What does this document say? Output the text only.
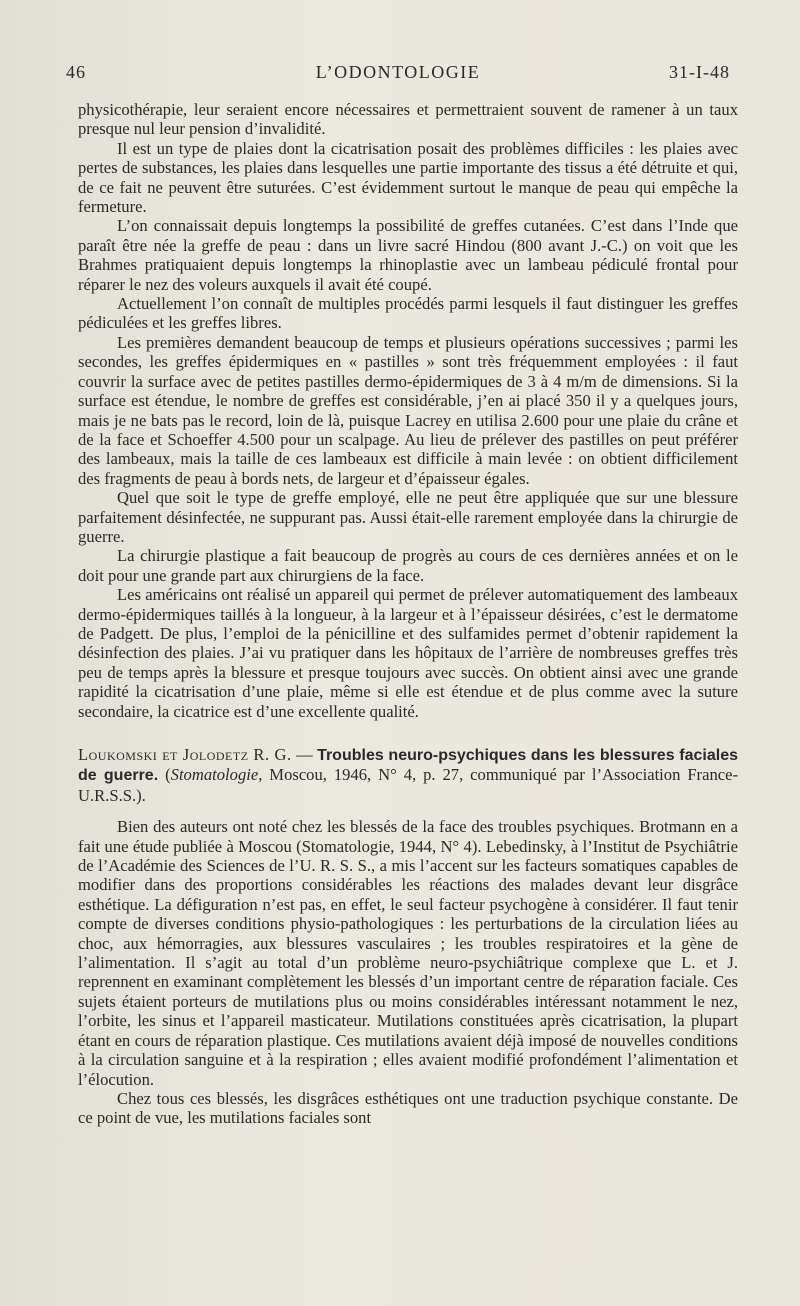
46	L’ODONTOLOGIE	31-I-48

physicothérapie, leur seraient encore nécessaires et permettraient souvent de ramener à un taux presque nul leur pension d’invalidité.

Il est un type de plaies dont la cicatrisation posait des problèmes difficiles : les plaies avec pertes de substances, les plaies dans lesquelles une partie importante des tissus a été détruite et qui, de ce fait ne peuvent être suturées. C’est évidemment surtout le manque de peau qui empêche la fermeture.

L’on connaissait depuis longtemps la possibilité de greffes cutanées. C’est dans l’Inde que paraît être née la greffe de peau : dans un livre sacré Hindou (800 avant J.-C.) on voit que les Brahmes pratiquaient depuis longtemps la rhinoplastie avec un lambeau pédiculé frontal pour réparer le nez des voleurs auxquels il avait été coupé.

Actuellement l’on connaît de multiples procédés parmi lesquels il faut distinguer les greffes pédiculées et les greffes libres.

Les premières demandent beaucoup de temps et plusieurs opérations successives ; parmi les secondes, les greffes épidermiques en « pastilles » sont très fréquemment employées : il faut couvrir la surface avec de petites pastilles dermo-épidermiques de 3 à 4 m/m de dimensions. Si la surface est étendue, le nombre de greffes est considérable, j’en ai placé 350 il y a quelques jours, mais je ne bats pas le record, loin de là, puisque Lacrey en utilisa 2.600 pour une plaie du crâne et de la face et Schoeffer 4.500 pour un scalpage. Au lieu de prélever des pastilles on peut préférer des lambeaux, mais la taille de ces lambeaux est difficile à main levée : on obtient difficilement des fragments de peau à bords nets, de largeur et d’épaisseur égales.

Quel que soit le type de greffe employé, elle ne peut être appliquée que sur une blessure parfaitement désinfectée, ne suppurant pas. Aussi était-elle rarement employée dans la chirurgie de guerre.

La chirurgie plastique a fait beaucoup de progrès au cours de ces dernières années et on le doit pour une grande part aux chirurgiens de la face.

Les américains ont réalisé un appareil qui permet de prélever automatiquement des lambeaux dermo-épidermiques taillés à la longueur, à la largeur et à l’épaisseur désirées, c’est le dermatome de Padgett. De plus, l’emploi de la pénicilline et des sulfamides permet d’obtenir rapidement la désinfection des plaies. J’ai vu pratiquer dans les hôpitaux de l’arrière de nombreuses greffes très peu de temps après la blessure et presque toujours avec succès. On obtient ainsi avec une grande rapidité la cicatrisation d’une plaie, même si elle est étendue et de plus comme avec la suture secondaire, la cicatrice est d’une excellente qualité.

Loukomski et Jolodetz R. G. — Troubles neuro-psychiques dans les blessures faciales de guerre. (Stomatologie, Moscou, 1946, N° 4, p. 27, communiqué par l’Association France-U.R.S.S.).

Bien des auteurs ont noté chez les blessés de la face des troubles psychiques. Brotmann en a fait une étude publiée à Moscou (Stomatologie, 1944, N° 4). Lebedinsky, à l’Institut de Psychiâtrie de l’Académie des Sciences de l’U. R. S. S., a mis l’accent sur les facteurs somatiques capables de modifier dans des proportions considérables les réactions des malades devant leur disgrâce esthétique. La défiguration n’est pas, en effet, le seul facteur psychogène à considérer. Il faut tenir compte de diverses conditions physio-pathologiques : les perturbations de la circulation liées au choc, aux hémorragies, aux blessures vasculaires ; les troubles respiratoires et la gène de l’alimentation. Il s’agit au total d’un problème neuro-psychiâtrique complexe que L. et J. reprennent en examinant complètement les blessés d’un important centre de réparation faciale. Ces sujets étaient porteurs de mutilations plus ou moins considérables intéressant notamment le nez, l’orbite, les sinus et l’appareil masticateur. Mutilations constituées après cicatrisation, la plupart étant en cours de réparation plastique. Ces mutilations avaient déjà imposé de nouvelles conditions à la circulation sanguine et à la respiration ; elles avaient modifié profondément l’alimentation et l’élocution.

Chez tous ces blessés, les disgrâces esthétiques ont une traduction psychique constante. De ce point de vue, les mutilations faciales sont
